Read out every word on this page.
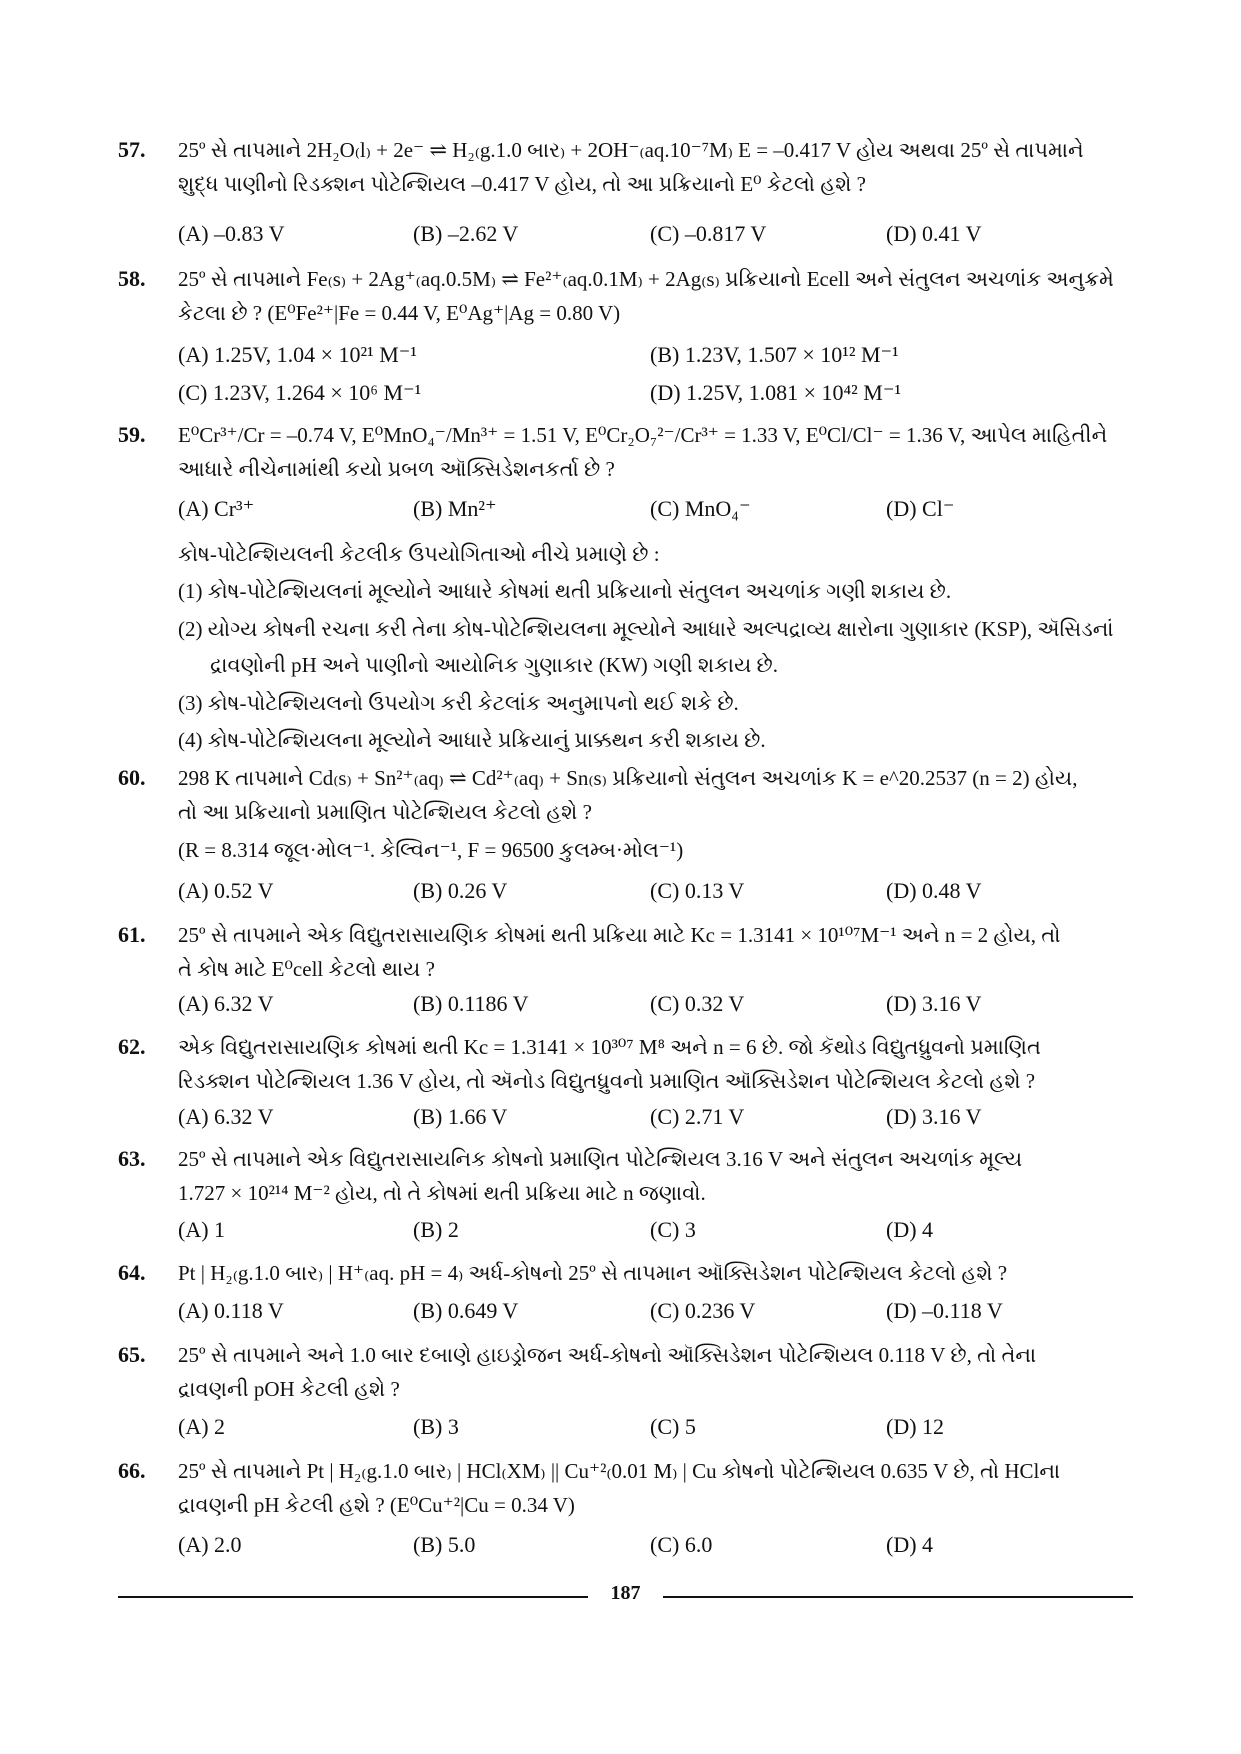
57.	25º સે તાપમાને 2H₂O₍l₎ + 2e⁻ ⇌ H₂₍g.1.0 બાર₎ + 2OH⁻₍aq.10⁻⁷M₎ E = –0.417 V હોય અથવા 25º સે તાપમાને
શુદ્ધ પાણીનો રિડક્શન પોટેન્શિયલ –0.417 V હોય, તો આ પ્રક્રિયાનો E⁰ કેટલો હશે ?
(A) –0.83 V	(B) –2.62 V	(C) –0.817 V	(D) 0.41 V
58.	25º સે તાપમાને Fe₍s₎ + 2Ag⁺₍aq.0.5M₎ ⇌ Fe²⁺₍aq.0.1M₎ + 2Ag₍s₎ પ્રક્રિયાનો Ecell અને સંતુલન અચળાંક અનુક્રમે
કેટલા છે ? (E⁰Fe²⁺|Fe = 0.44 V, E⁰Ag⁺|Ag = 0.80 V)
(A) 1.25V, 1.04 × 10²¹ M⁻¹	(B) 1.23V, 1.507 × 10¹² M⁻¹
(C) 1.23V, 1.264 × 10⁶ M⁻¹	(D) 1.25V, 1.081 × 10⁴² M⁻¹
59.	E⁰Cr³⁺/Cr = –0.74 V, E⁰MnO₄⁻/Mn³⁺ = 1.51 V, E⁰Cr₂O₇²⁻/Cr³⁺ = 1.33 V, E⁰Cl/Cl⁻ = 1.36 V, આપેલ માહિતીને
આધારે નીચેનામાંથી કયો પ્રબળ ઑક્સિડેશનકર્તા છે ?
(A) Cr³⁺	(B) Mn²⁺	(C) MnO₄⁻	(D) Cl⁻
કોષ-પોટેન્શિયલની કેટલીક ઉપયોગિતાઓ નીચે પ્રમાણે છે :
(1) કોષ-પોટેન્શિયલનાં મૂલ્યોને આધારે કોષમાં થતી પ્રક્રિયાનો સંતુલન અચળાંક ગણી શકાય છે.
(2) યોગ્ય કોષની રચના કરી તેના કોષ-પોટેન્શિયલના મૂલ્યોને આધારે અલ્પદ્રાવ્ય ક્ષારોના ગુણાકાર (KSP), ઍસિડનાં
દ્રાવણોની pH અને પાણીનો આયોનિક ગુણાકાર (KW) ગણી શકાય છે.
(3) કોષ-પોટેન્શિયલનો ઉપયોગ કરી કેટલાંક અનુમાપનો થઈ શકે છે.
(4) કોષ-પોટેન્શિયલના મૂલ્યોને આધારે પ્રક્રિયાનું પ્રાક્કથન કરી શકાય છે.
60.	298 K તાપમાને Cd₍s₎ + Sn²⁺₍aq₎ ⇌ Cd²⁺₍aq₎ + Sn₍s₎ પ્રક્રિયાનો સંતુલન અચળાંક K = e^20.2537 (n = 2) હોય,
તો આ પ્રક્રિયાનો પ્રમાણિત પોટેન્શિયલ કેટલો હશે ?
(R = 8.314 જૂલ·મોલ⁻¹. કેલ્વિન⁻¹, F = 96500 કુલમ્બ·મોલ⁻¹)
(A) 0.52 V	(B) 0.26 V	(C) 0.13 V	(D) 0.48 V
61.	25º સે તાપમાને એક વિદ્યુતરાસાયણિક કોષમાં થતી પ્રક્રિયા માટે Kc = 1.3141 × 10¹⁰⁷M⁻¹ અને n = 2 હોય, તો
તે કોષ માટે E⁰cell કેટલો થાય ?
(A) 6.32 V	(B) 0.1186 V	(C) 0.32 V	(D) 3.16 V
62.	એક વિદ્યુતરાસાયણિક કોષમાં થતી Kc = 1.3141 × 10³⁰⁷ M⁸ અને n = 6 છે. જો કૅથોડ વિદ્યુતધ્રુવનો પ્રમાણિત
રિડક્શન પોટેન્શિયલ 1.36 V હોય, તો ઍનોડ વિદ્યુતધ્રુવનો પ્રમાણિત ઑક્સિડેશન પોટેન્શિયલ કેટલો હશે ?
(A) 6.32 V	(B) 1.66 V	(C) 2.71 V	(D) 3.16 V
63.	25º સે તાપમાને એક વિદ્યુતરાસાયનિક કોષનો પ્રમાણિત પોટેન્શિયલ 3.16 V અને સંતુલન અચળાંક મૂલ્ય
1.727 × 10²¹⁴ M⁻² હોય, તો તે કોષમાં થતી પ્રક્રિયા માટે n જણાવો.
(A) 1	(B) 2	(C) 3	(D) 4
64.	Pt | H₂₍g.1.0 બાર₎ | H⁺₍aq. pH = 4₎ અર્ધ-કોષનો 25º સે તાપમાન ઑક્સિડેશન પોટેન્શિયલ કેટલો હશે ?
(A) 0.118 V	(B) 0.649 V	(C) 0.236 V	(D) –0.118 V
65.	25º સે તાપમાને અને 1.0 બાર દબાણે હાઇડ્રોજન અર્ધ-કોષનો ઑક્સિડેશન પોટેન્શિયલ 0.118 V છે, તો તેના
દ્રાવણની pOH કેટલી હશે ?
(A) 2	(B) 3	(C) 5	(D) 12
66.	25º સે તાપમાને Pt | H₂₍g.1.0 બાર₎ | HCl₍XM₎ || Cu⁺²₍0.01 M₎ | Cu કોષનો પોટેન્શિયલ 0.635 V છે, તો HClના
દ્રાવણની pH કેટલી હશે ? (E⁰Cu⁺²|Cu = 0.34 V)
(A) 2.0	(B) 5.0	(C) 6.0	(D) 4
187
